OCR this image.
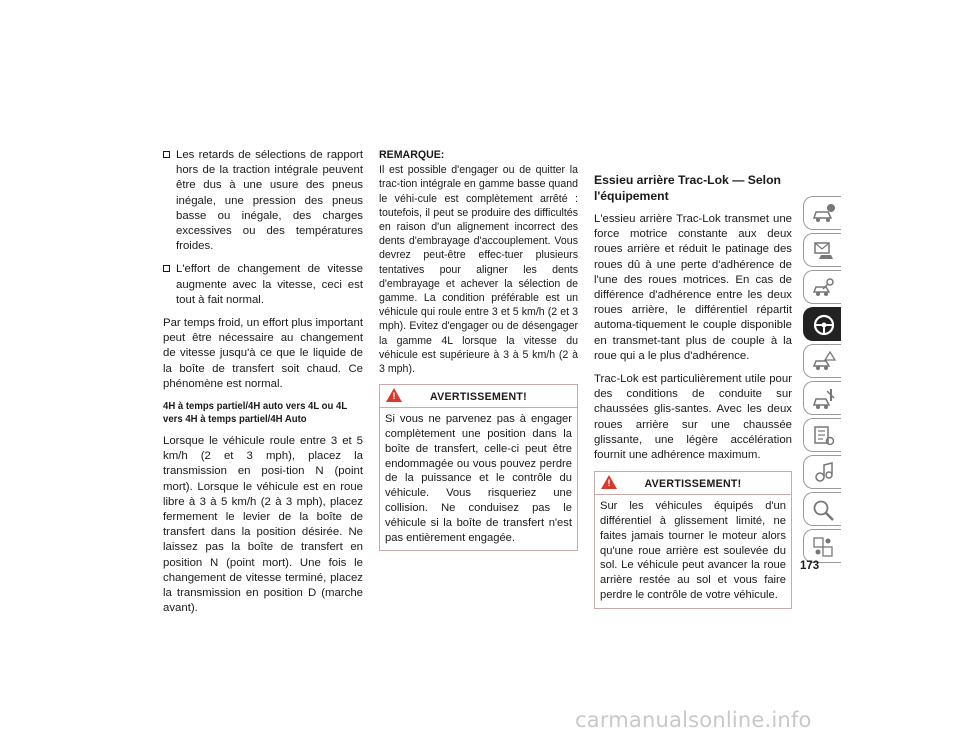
Les retards de sélections de rapport hors de la traction intégrale peuvent être dus à une usure des pneus inégale, une pression des pneus basse ou inégale, des charges excessives ou des températures froides.
L'effort de changement de vitesse augmente avec la vitesse, ceci est tout à fait normal.

Par temps froid, un effort plus important peut être nécessaire au changement de vitesse jusqu'à ce que le liquide de la boîte de transfert soit chaud. Ce phénomène est normal.

4H à temps partiel/4H auto vers 4L ou 4L vers 4H à temps partiel/4H Auto

Lorsque le véhicule roule entre 3 et 5 km/h (2 et 3 mph), placez la transmission en posi-tion N (point mort). Lorsque le véhicule est en roue libre à 3 à 5 km/h (2 à 3 mph), placez fermement le levier de la boîte de transfert dans la position désirée. Ne laissez pas la boîte de transfert en position N (point mort). Une fois le changement de vitesse terminé, placez la transmission en position D (marche avant).

REMARQUE:

Il est possible d'engager ou de quitter la trac-tion intégrale en gamme basse quand le véhi-cule est complètement arrêté : toutefois, il peut se produire des difficultés en raison d'un alignement incorrect des dents d'embrayage d'accouplement. Vous devrez peut-être effec-tuer plusieurs tentatives pour aligner les dents d'embrayage et achever la sélection de gamme. La condition préférable est un véhicule qui roule entre 3 et 5 km/h (2 et 3 mph). Evitez d'engager ou de désengager la gamme 4L lorsque la vitesse du véhicule est supérieure à 3 à 5 km/h (2 à 3 mph).

!	AVERTISSEMENT!
Si vous ne parvenez pas à engager complètement une position dans la boîte de transfert, celle-ci peut être endommagée ou vous pouvez perdre de la puissance et le contrôle du véhicule. Vous risqueriez une collision. Ne conduisez pas le véhicule si la boîte de transfert n'est pas entièrement engagée.
Essieu arrière Trac-Lok — Selon l'équipement

L'essieu arrière Trac-Lok transmet une force motrice constante aux deux roues arrière et réduit le patinage des roues dû à une perte d'adhérence de l'une des roues motrices. En cas de différence d'adhérence entre les deux roues arrière, le différentiel répartit automa-tiquement le couple disponible en transmet-tant plus de couple à la roue qui a le plus d'adhérence.

Trac-Lok est particulièrement utile pour des conditions de conduite sur chaussées glis-santes. Avec les deux roues arrière sur une chaussée glissante, une légère accélération fournit une adhérence maximum.

!	AVERTISSEMENT!
Sur les véhicules équipés d'un différentiel à glissement limité, ne faites jamais tourner le moteur alors qu'une roue arrière est soulevée du sol. Le véhicule peut avancer la roue arrière restée au sol et vous faire perdre le contrôle de votre véhicule.
173
carmanualsonline.info
